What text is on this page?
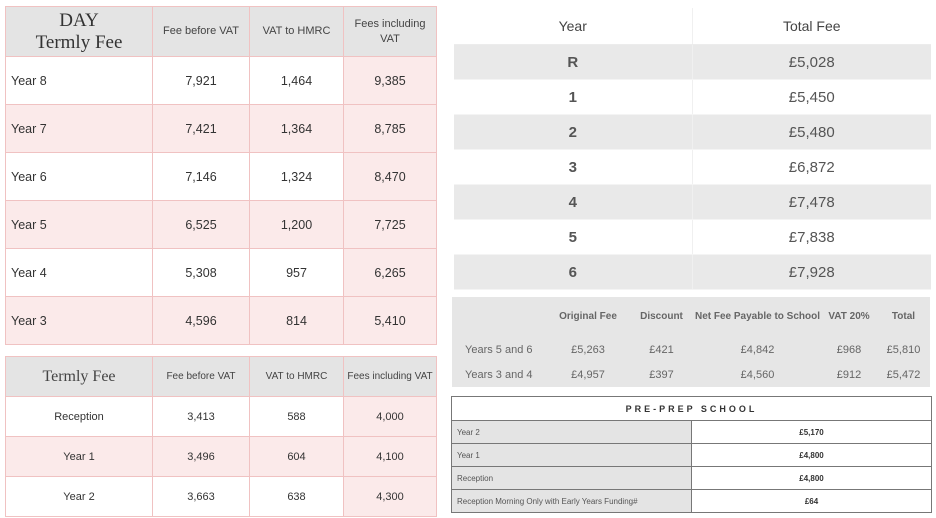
DAY
Termly Fee	Fee before VAT	VAT to HMRC	Fees including VAT
Year 8	7,921	1,464	9,385
Year 7	7,421	1,364	8,785
Year 6	7,146	1,324	8,470
Year 5	6,525	1,200	7,725
Year 4	5,308	957	6,265
Year 3	4,596	814	5,410
Termly Fee	Fee before VAT	VAT to HMRC	Fees including VAT
Reception	3,413	588	4,000
Year 1	3,496	604	4,100
Year 2	3,663	638	4,300
Year	Total Fee
R	£5,028
1	£5,450
2	£5,480
3	£6,872
4	£7,478
5	£7,838
6	£7,928
	Original Fee	Discount	Net Fee Payable to School	VAT 20%	Total
Years 5 and 6	£5,263	£421	£4,842	£968	£5,810
Years 3 and 4	£4,957	£397	£4,560	£912	£5,472
PRE-PREP SCHOOL	
Year 2	£5,170
Year 1	£4,800
Reception	£4,800
Reception Morning Only with Early Years Funding#	£64
